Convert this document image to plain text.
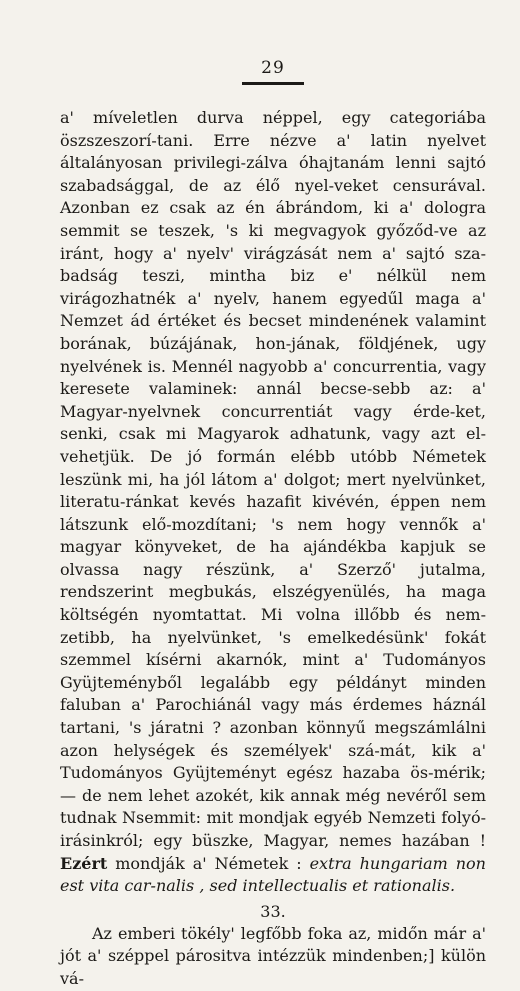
29

a' míveletlen durva néppel, egy categoriába öszszeszorí-tani. Erre nézve a' latin nyelvet általányosan privilegi-zálva óhajtanám lenni sajtó szabadsággal, de az élő nyel-veket censurával. Azonban ez csak az én ábrándom, ki a' dologra semmit se teszek, 's ki megvagyok győződ-ve az iránt, hogy a' nyelv' virágzását nem a' sajtó sza-badság teszi, mintha biz e' nélkül nem virágozhatnék a' nyelv, hanem egyedűl maga a' Nemzet ád értéket és becset mindenének valamint borának, búzájának, hon-jának, földjének, ugy nyelvének is. Mennél nagyobb a' concurrentia, vagy keresete valaminek: annál becse-sebb az: a' Magyar-nyelvnek concurrentiát vagy érde-ket, senki, csak mi Magyarok adhatunk, vagy azt el-vehetjük. De jó formán elébb utóbb Németek leszünk mi, ha jól látom a' dolgot; mert nyelvünket, literatu-ránkat kevés hazafit kivévén, éppen nem látszunk elő-mozdítani; 's nem hogy vennők a' magyar könyveket, de ha ajándékba kapjuk se olvassa nagy részünk, a' Szerző' jutalma, rendszerint megbukás, elszégyenülés, ha maga költségén nyomtattat. Mi volna illőbb és nem-zetibb, ha nyelvünket, 's emelkedésünk' fokát szemmel kísérni akarnók, mint a' Tudományos Gyüjteményből legalább egy példányt minden faluban a' Parochiánál vagy más érdemes háznál tartani, 's járatni ? azonban könnyű megszámlálni azon helységek és személyek' szá-mát, kik a' Tudományos Gyüjteményt egész hazaba ös-mérik; — de nem lehet azokét, kik annak még nevéről sem tudnak Nsemmit: mit mondjak egyéb Nemzeti folyó-irásinkról; egy büszke, Magyar, nemes hazában ! Ezért mondják a' Németek : extra hungariam non est vita car-nalis , sed intellectualis et rationalis.

33.

Az emberi tökély' legfőbb foka az, midőn már a' jót a' széppel párositva intézzük mindenben;] külön vá-
